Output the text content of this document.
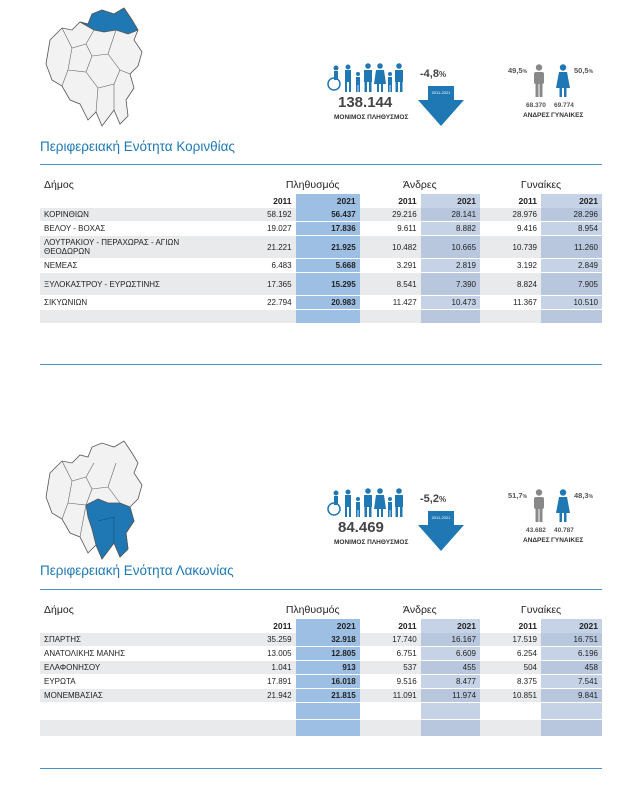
138.144
ΜΟΝΙΜΟΣ ΠΛΗΘΥΣΜΟΣ
-4,8%
2011-2021
49,5%	50,5%
68.370 69.774
ΑΝΔΡΕΣ ΓΥΝΑΙΚΕΣ
Περιφερειακή Ενότητα Κορινθίας
Δήμος	Πληθυσμός		Άνδρες		Γυναίκες	
	2011	2021	2011	2021	2011	2021
ΚΟΡΙΝΘΙΩΝ	58.192	56.437	29.216	28.141	28.976	28.296
ΒΕΛΟΥ - ΒΟΧΑΣ	19.027	17.836	9.611	8.882	9.416	8.954
ΛΟΥΤΡΑΚΙΟΥ - ΠΕΡΑΧΩΡΑΣ - ΑΓΙΩΝ ΘΕΟΔΩΡΩΝ	21.221	21.925	10.482	10.665	10.739	11.260
ΝΕΜΕΑΣ	6.483	5.668	3.291	2.819	3.192	2.849
ΞΥΛΟΚΑΣΤΡΟΥ - ΕΥΡΩΣΤΙΝΗΣ	17.365	15.295	8.541	7.390	8.824	7.905
ΣΙΚΥΩΝΙΩΝ	22.794	20.983	11.427	10.473	11.367	10.510

84.469
ΜΟΝΙΜΟΣ ΠΛΗΘΥΣΜΟΣ
-5,2%
2011-2021
51,7%	48,3%
43.682 40.787
ΑΝΔΡΕΣ ΓΥΝΑΙΚΕΣ
Περιφερειακή Ενότητα Λακωνίας
Δήμος	Πληθυσμός		Άνδρες		Γυναίκες	
	2011	2021	2011	2021	2011	2021
ΣΠΑΡΤΗΣ	35.259	32.918	17.740	16.167	17.519	16.751
ΑΝΑΤΟΛΙΚΗΣ ΜΑΝΗΣ	13.005	12.805	6.751	6.609	6.254	6.196
ΕΛΑΦΟΝΗΣΟΥ	1.041	913	537	455	504	458
ΕΥΡΩΤΑ	17.891	16.018	9.516	8.477	8.375	7.541
ΜΟΝΕΜΒΑΣΙΑΣ	21.942	21.815	11.091	11.974	10.851	9.841
